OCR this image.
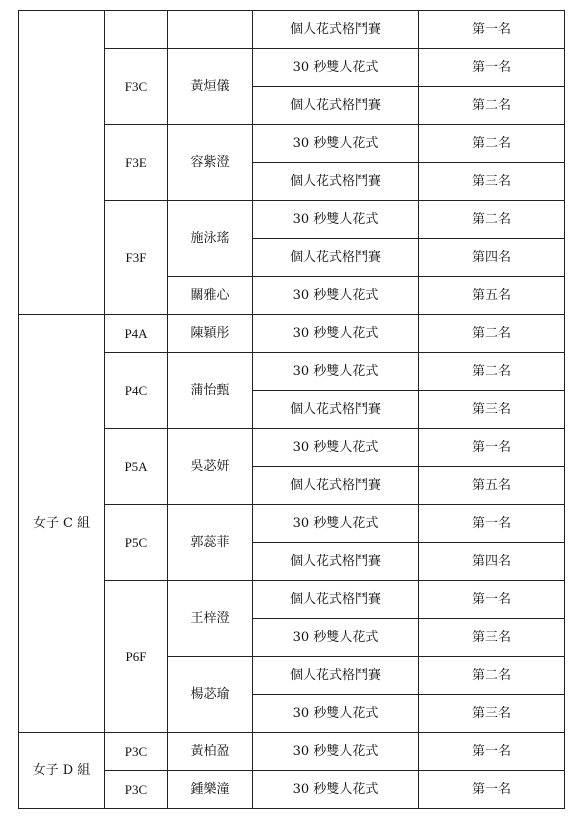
			個人花式格鬥賽	第一名
	F3C	黃烜儀	30 秒雙人花式	第一名
			個人花式格鬥賽	第二名
	F3E	容紫澄	30 秒雙人花式	第二名
			個人花式格鬥賽	第三名
	F3F	施泳瑤	30 秒雙人花式	第二名
			個人花式格鬥賽	第四名
		關雅心	30 秒雙人花式	第五名
女子 C 組	P4A	陳穎彤	30 秒雙人花式	第二名
	P4C	蒲怡甄	30 秒雙人花式	第二名
			個人花式格鬥賽	第三名
	P5A	吳苾妍	30 秒雙人花式	第一名
			個人花式格鬥賽	第五名
	P5C	郭蕊菲	30 秒雙人花式	第一名
			個人花式格鬥賽	第四名
	P6F	王梓澄	個人花式格鬥賽	第一名
			30 秒雙人花式	第三名
		楊苾瑜	個人花式格鬥賽	第二名
			30 秒雙人花式	第三名
女子 D 組	P3C	黃柏盈	30 秒雙人花式	第一名
	P3C	鍾樂潼	30 秒雙人花式	第一名
